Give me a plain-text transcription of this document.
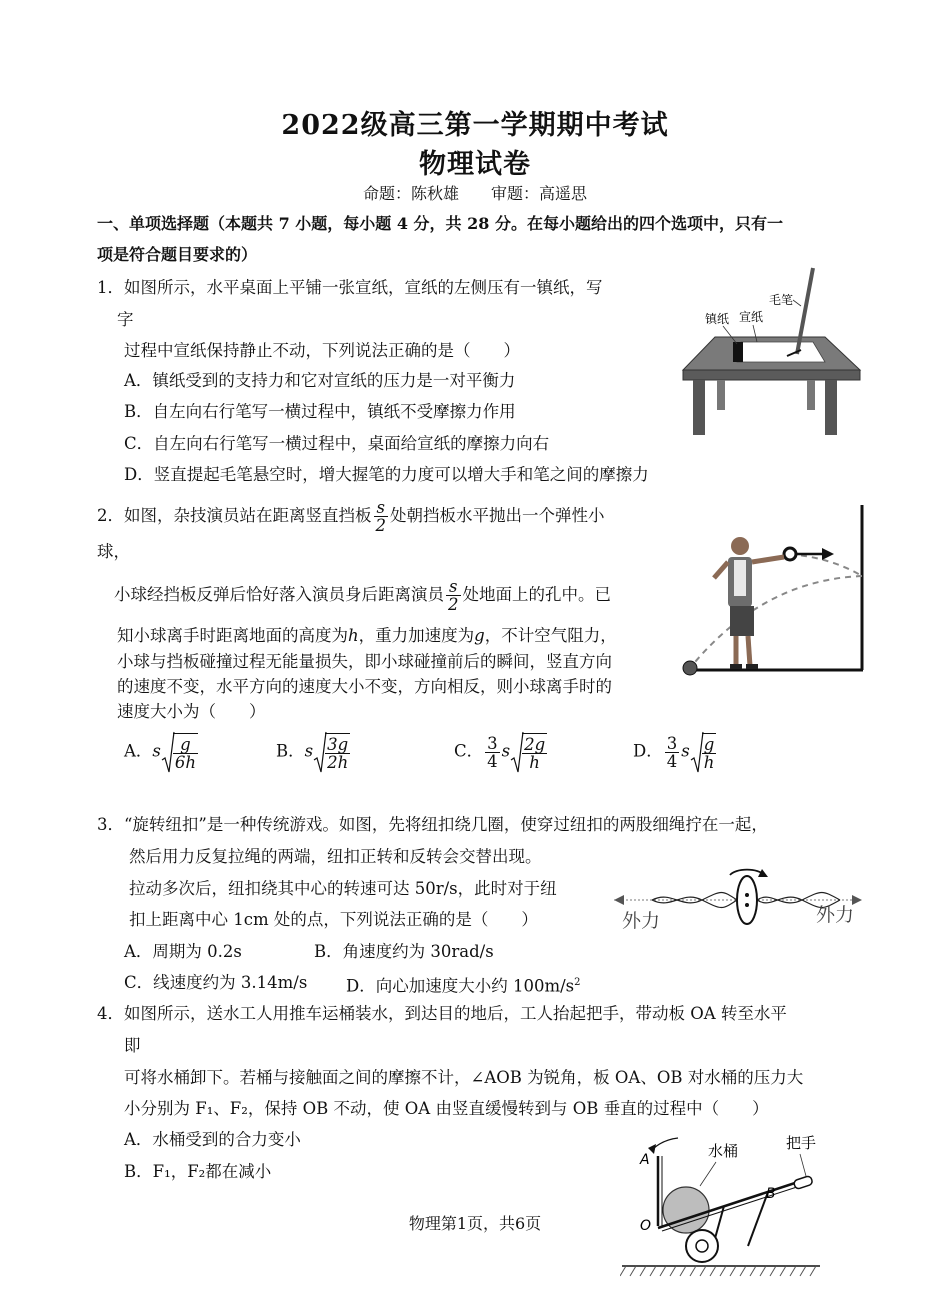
2022级高三第一学期期中考试
物理试卷
命题：陈秋雄　　审题：高遥思
一、单项选择题（本题共 7 小题，每小题 4 分，共 28 分。在每小题给出的四个选项中，只有一
项是符合题目要求的）
1．如图所示，水平桌面上平铺一张宣纸，宣纸的左侧压有一镇纸，写
字
过程中宣纸保持静止不动，下列说法正确的是（　　）
A．镇纸受到的支持力和它对宣纸的压力是一对平衡力
B．自左向右行笔写一横过程中，镇纸不受摩擦力作用
C．自左向右行笔写一横过程中，桌面给宣纸的摩擦力向右
D．竖直提起毛笔悬空时，增大握笔的力度可以增大手和笔之间的摩擦力
毛笔
镇纸 宣纸
2．如图，杂技演员站在距离竖直挡板 $\frac{s}{2}$ 处朝挡板水平抛出一个弹性小
球，
小球经挡板反弹后恰好落入演员身后距离演员 $\frac{s}{2}$ 处地面上的孔中。已
知小球离手时距离地面的高度为h，重力加速度为g，不计空气阻力，
小球与挡板碰撞过程无能量损失，即小球碰撞前后的瞬间，竖直方向
的速度不变，水平方向的速度大小不变，方向相反，则小球离手时的
速度大小为（　　）
A．s $\frac{g}{6h}$	B．s $\frac{3g}{2h}$	C． $\frac{3}{4}$ s $\frac{2g}{h}$	D． $\frac{3}{4}$ s $\frac{g}{h}$
3．“旋转纽扣”是一种传统游戏。如图，先将纽扣绕几圈，使穿过纽扣的两股细绳拧在一起，
然后用力反复拉绳的两端，纽扣正转和反转会交替出现。
拉动多次后，纽扣绕其中心的转速可达 50r/s，此时对于纽
扣上距离中心 1cm 处的点，下列说法正确的是（　　）
A．周期为 0.2s	B．角速度约为 30rad/s
C．线速度约为 3.14m/s D．向心加速度大小约 $100m/s^2$
外力	外力
4．如图所示，送水工人用推车运桶装水，到达目的地后，工人抬起把手，带动板 OA 转至水平
即
可将水桶卸下。若桶与接触面之间的摩擦不计，∠AOB 为锐角，板 OA、OB 对水桶的压力大
小分别为 F₁、F₂，保持 OB 不动，使 OA 由竖直缓慢转到与 OB 垂直的过程中（　　）
A．水桶受到的合力变小
B．F₁，F₂都在减小
水桶	把手
A
B
O
物理第1页，共6页
